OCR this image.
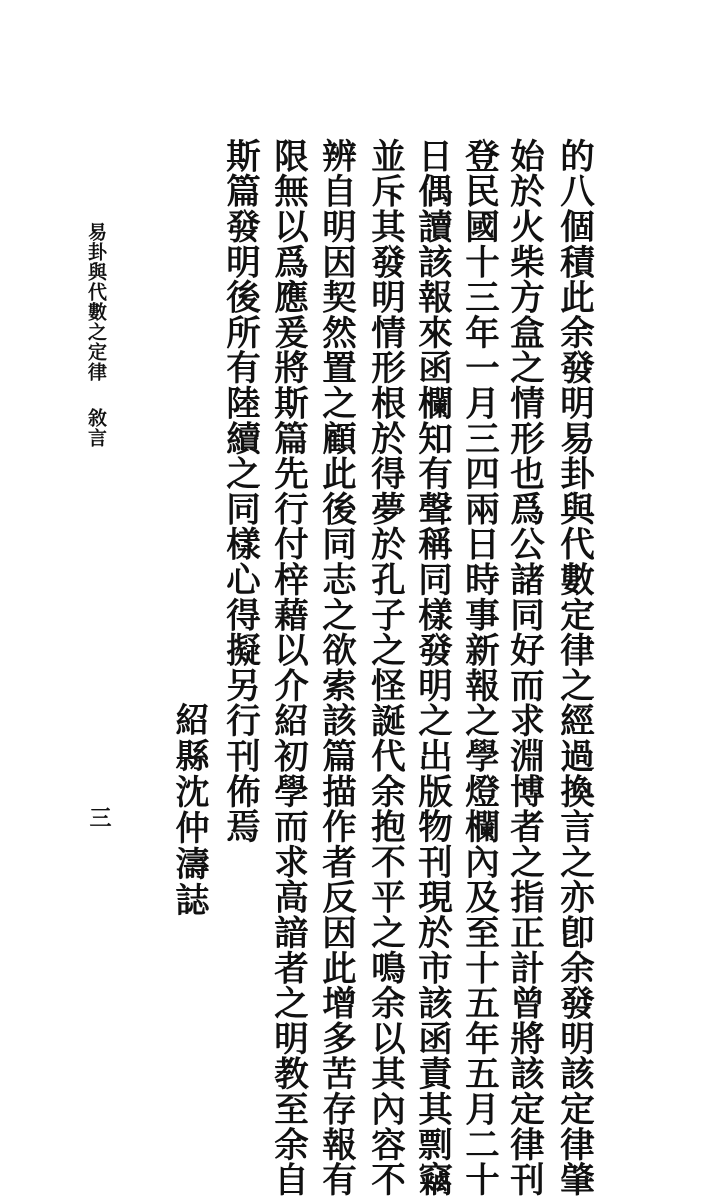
易卦與代數之定律敘言
三	的八個積此余發明易卦與代數定律之經過換言之亦卽余發明該定律肇
始於火柴方盒之情形也爲公諸同好而求淵博者之指正計曾將該定律刊
登民國十三年一月三四兩日時事新報之學燈欄內及至十五年五月二十
日偶讀該報來函欄知有聲稱同樣發明之出版物刊現於市該函責其剽竊
並斥其發明情形根於得夢於孔子之怪誕代余抱不平之鳴余以其內容不
辨自明因契然置之顧此後同志之欲索該篇描作者反因此增多苦存報有
限無以爲應爰將斯篇先行付梓藉以介紹初學而求高諳者之明教至余自
斯篇發明後所有陸續之同樣心得擬另行刊佈焉
紹縣沈仲濤誌
